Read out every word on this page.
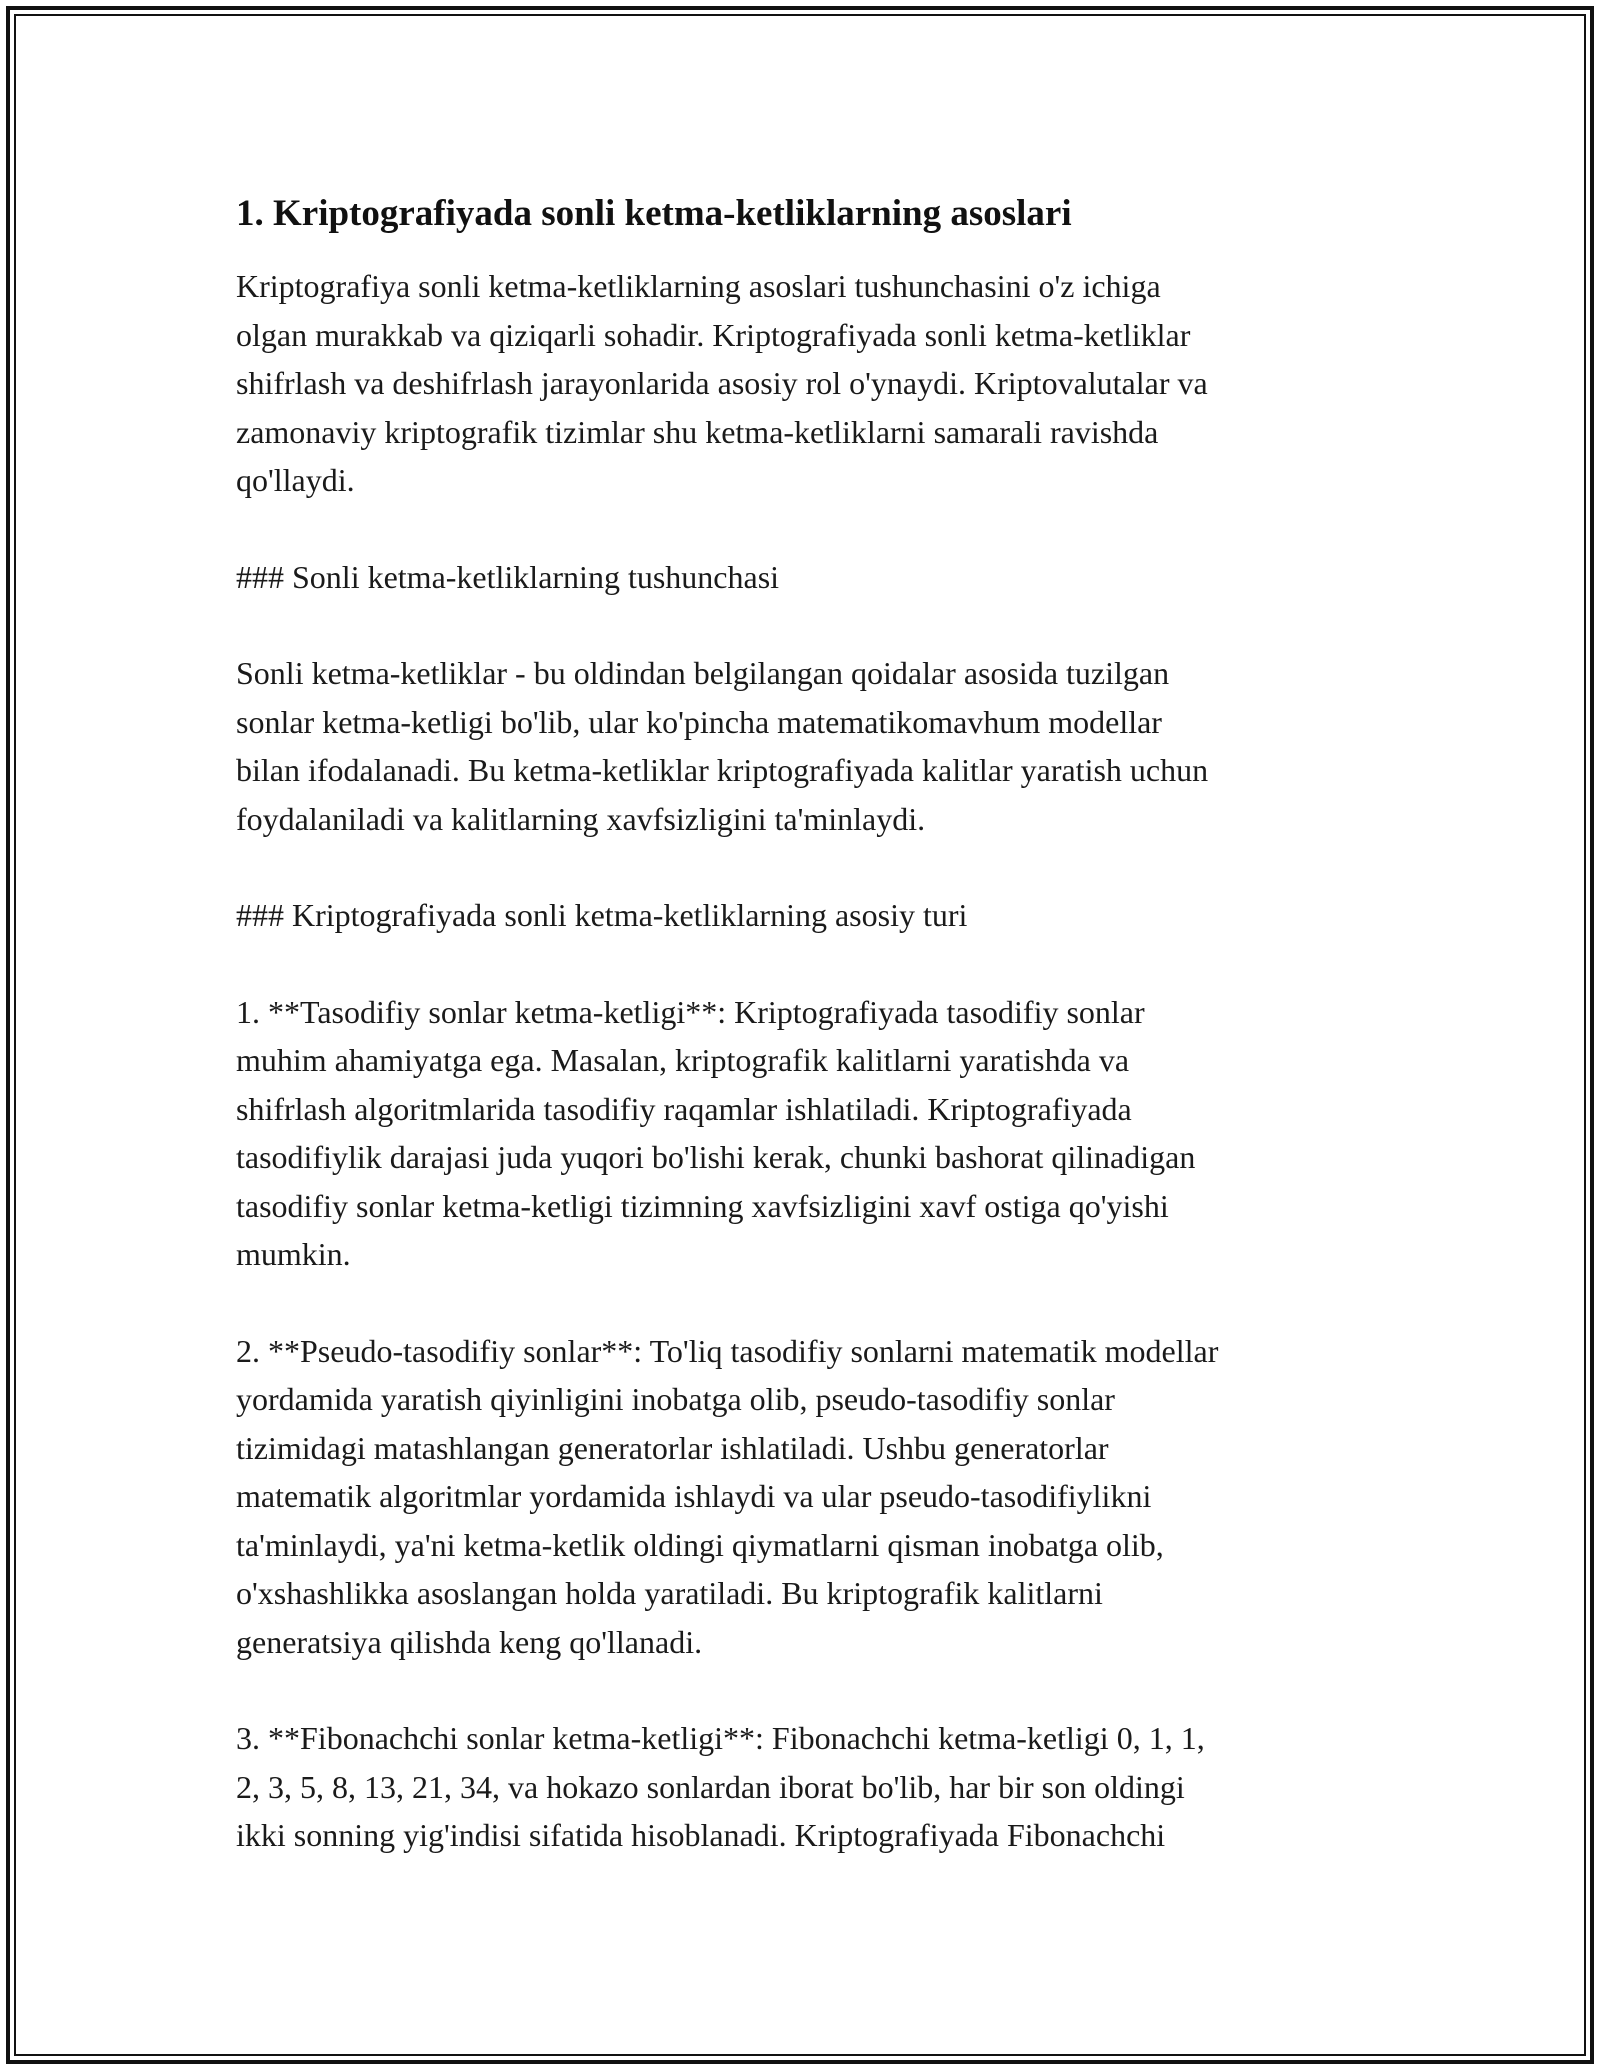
1. Kriptografiyada sonli ketma-ketliklarning asoslari

Kriptografiya sonli ketma-ketliklarning asoslari tushunchasini o'z ichiga
olgan murakkab va qiziqarli sohadir. Kriptografiyada sonli ketma-ketliklar
shifrlash va deshifrlash jarayonlarida asosiy rol o'ynaydi. Kriptovalutalar va
zamonaviy kriptografik tizimlar shu ketma-ketliklarni samarali ravishda
qo'llaydi.

### Sonli ketma-ketliklarning tushunchasi

Sonli ketma-ketliklar - bu oldindan belgilangan qoidalar asosida tuzilgan
sonlar ketma-ketligi bo'lib, ular ko'pincha matematikomavhum modellar
bilan ifodalanadi. Bu ketma-ketliklar kriptografiyada kalitlar yaratish uchun
foydalaniladi va kalitlarning xavfsizligini ta'minlaydi.

### Kriptografiyada sonli ketma-ketliklarning asosiy turi

1. **Tasodifiy sonlar ketma-ketligi**: Kriptografiyada tasodifiy sonlar
muhim ahamiyatga ega. Masalan, kriptografik kalitlarni yaratishda va
shifrlash algoritmlarida tasodifiy raqamlar ishlatiladi. Kriptografiyada
tasodifiylik darajasi juda yuqori bo'lishi kerak, chunki bashorat qilinadigan
tasodifiy sonlar ketma-ketligi tizimning xavfsizligini xavf ostiga qo'yishi
mumkin.

2. **Pseudo-tasodifiy sonlar**: To'liq tasodifiy sonlarni matematik modellar
yordamida yaratish qiyinligini inobatga olib, pseudo-tasodifiy sonlar
tizimidagi matashlangan generatorlar ishlatiladi. Ushbu generatorlar
matematik algoritmlar yordamida ishlaydi va ular pseudo-tasodifiylikni
ta'minlaydi, ya'ni ketma-ketlik oldingi qiymatlarni qisman inobatga olib,
o'xshashlikka asoslangan holda yaratiladi. Bu kriptografik kalitlarni
generatsiya qilishda keng qo'llanadi.

3. **Fibonachchi sonlar ketma-ketligi**: Fibonachchi ketma-ketligi 0, 1, 1,
2, 3, 5, 8, 13, 21, 34, va hokazo sonlardan iborat bo'lib, har bir son oldingi
ikki sonning yig'indisi sifatida hisoblanadi. Kriptografiyada Fibonachchi
